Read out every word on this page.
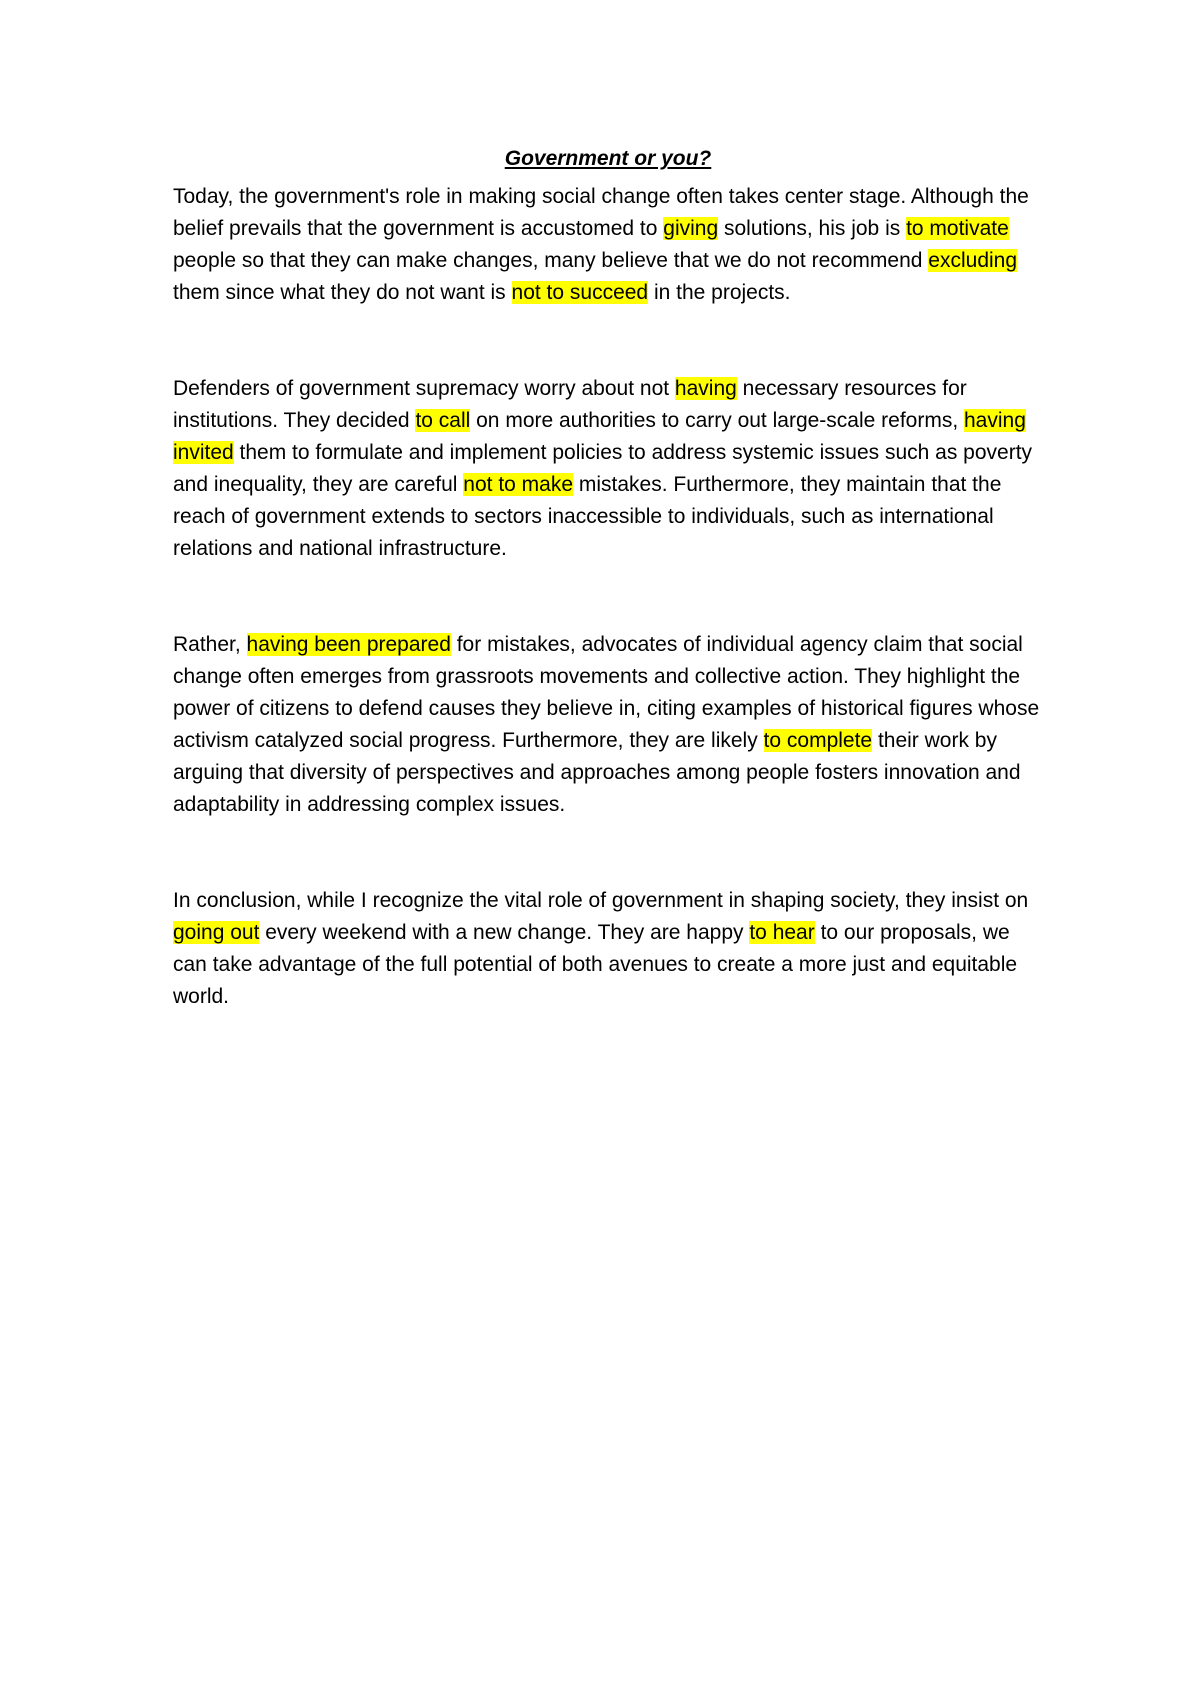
Government or you?

Today, the government's role in making social change often takes center stage. Although the belief prevails that the government is accustomed to giving solutions, his job is to motivate people so that they can make changes, many believe that we do not recommend excluding them since what they do not want is not to succeed in the projects.

Defenders of government supremacy worry about not having necessary resources for institutions. They decided to call on more authorities to carry out large-scale reforms, having invited them to formulate and implement policies to address systemic issues such as poverty and inequality, they are careful not to make mistakes. Furthermore, they maintain that the reach of government extends to sectors inaccessible to individuals, such as international relations and national infrastructure.

Rather, having been prepared for mistakes, advocates of individual agency claim that social change often emerges from grassroots movements and collective action. They highlight the power of citizens to defend causes they believe in, citing examples of historical figures whose activism catalyzed social progress. Furthermore, they are likely to complete their work by arguing that diversity of perspectives and approaches among people fosters innovation and adaptability in addressing complex issues.

In conclusion, while I recognize the vital role of government in shaping society, they insist on going out every weekend with a new change. They are happy to hear to our proposals, we can take advantage of the full potential of both avenues to create a more just and equitable world.
